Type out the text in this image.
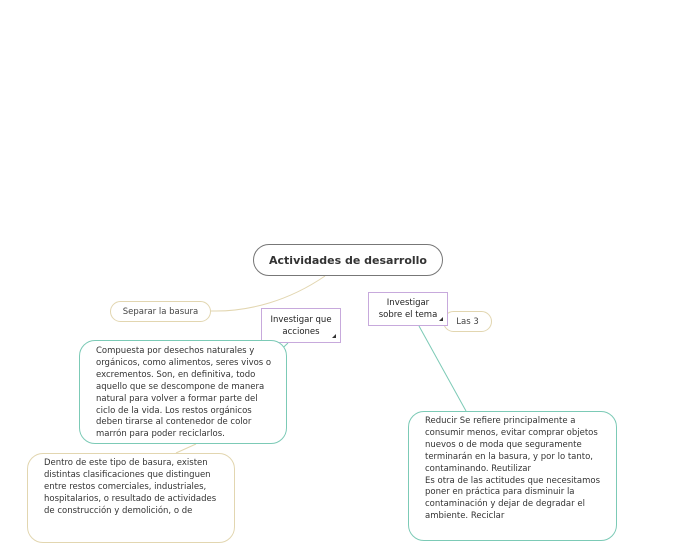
Actividades de desarrollo
Separar la basura
Las 3
Investigar que acciones
Investigar sobre el tema
Compuesta por desechos naturales y orgánicos, como alimentos, seres vivos o excrementos. Son, en definitiva, todo aquello que se descompone de manera natural para volver a formar parte del ciclo de la vida. Los restos orgánicos deben tirarse al contenedor de color marrón para poder reciclarlos.
Dentro de este tipo de basura, existen distintas clasificaciones que distinguen entre restos comerciales, industriales, hospitalarios, o resultado de actividades de construcción y demolición, o de

Reducir Se refiere principalmente a consumir menos, evitar comprar objetos nuevos o de moda que seguramente terminarán en la basura, y por lo tanto, contaminando. Reutilizar

Es otra de las actitudes que necesitamos poner en práctica para disminuir la contaminación y dejar de degradar el ambiente. Reciclar
